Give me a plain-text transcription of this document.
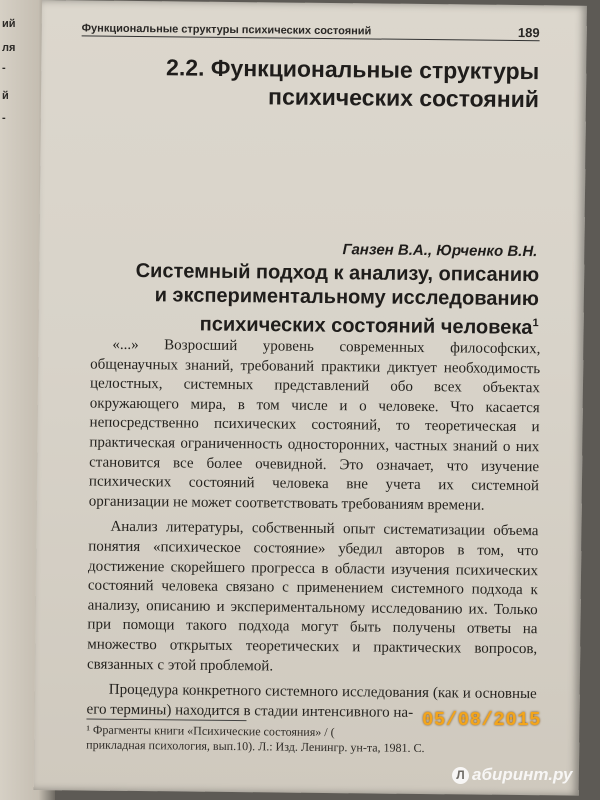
ий
ля
-
й
-
Функциональные структуры психических состояний	189

2.2. Функциональные структуры
психических состояний
Ганзен В.А., Юрченко В.Н.
Системный подход к анализу, описанию
и экспериментальному исследованию
психических состояний человека$^1$

«...» Возросший уровень современных философских, общенаучных знаний, требований практики диктует необходимость целостных, системных представлений обо всех объектах окружающего мира, в том числе и о человеке. Что касается непосредственно психических состояний, то теоретическая и практическая ограниченность односторонних, частных знаний о них становится все более очевидной. Это означает, что изучение психических состояний человека вне учета их системной организации не может соответствовать требованиям времени.

Анализ литературы, собственный опыт систематизации объема понятия «психическое состояние» убедил авторов в том, что достижение скорейшего прогресса в области изучения психических состояний человека связано с применением системного подхода к анализу, описанию и экспериментальному исследованию их. Только при помощи такого подхода могут быть получены ответы на множество открытых теоретических и практических вопросов, связанных с этой проблемой.

Процедура конкретного системного исследования (как и основные его термины) находится в стадии интенсивного на-

¹ Фрагменты книги «Психические состояния» / (
прикладная психология, вып.10). Л.: Изд. Ленингр. ун-та, 1981. С.
05/08/2015
Л абиринт.ру
